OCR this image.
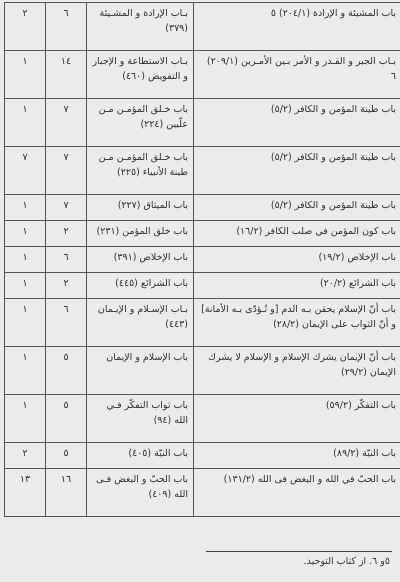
باب المشيئة و الإرادة (٢٠٤/١) ٥	بـاب الإرادة و المشـيئة (٣٧٩)	٦	٢
بـاب الجبر و القـدر و الأمر بـين الأمـرين (٢٠٩/١) ٦	بـاب الاستطاعة و الإجبار و التفويض (٤٦٠)	١٤	١
باب طينة المؤمن و الكافر (٥/٢)	باب خـلق المؤمـن مـن علّيين (٢٢٤)	٧	١
باب طينة المؤمن و الكافر (٥/٢)	باب خـلق المؤمـن مـن طينة الأنبياء (٢٢٥)	٧	٧
باب طينة المؤمن و الكافر (٥/٢)	باب الميثاق (٢٢٧)	٧	١
باب كون المؤمن في صلب الكافر (١٦/٢)	باب خلق المؤمن (٢٣١)	٢	١
باب الإخلاص (١٩/٢)	باب الإخلاص (٣٩١)	٦	١
باب الشرائع (٢٠/٢)	باب الشرائع (٤٤٥)	٢	١
باب أنّ الإسلام يحقن بـه الدم [و تُـؤدّى بـه الأمانة] و أنّ الثواب على الإيمان (٢٨/٢)	بـاب الإسـلام و الإيـمان (٤٤٣)	٦	١
باب أنّ الإيمان يشرك الإسلام و الإسلام لا يشرك الإيمان (٢٩/٢)	باب الإسلام و الإيمان	٥	١
باب التفكّر (٥٩/٢)	باب ثواب التفكّر فـي الله (٩٤)	٥	١
باب النيّة (٨٩/٢)	باب النيّة (٤٠٥)	٥	٢
باب الحبّ في الله و البغض فى الله (١٣١/٢)	باب الحبّ و البغض فـى الله (٤٠٩)	١٦	١٣
٥و ٦. از كتاب التوحيد.
